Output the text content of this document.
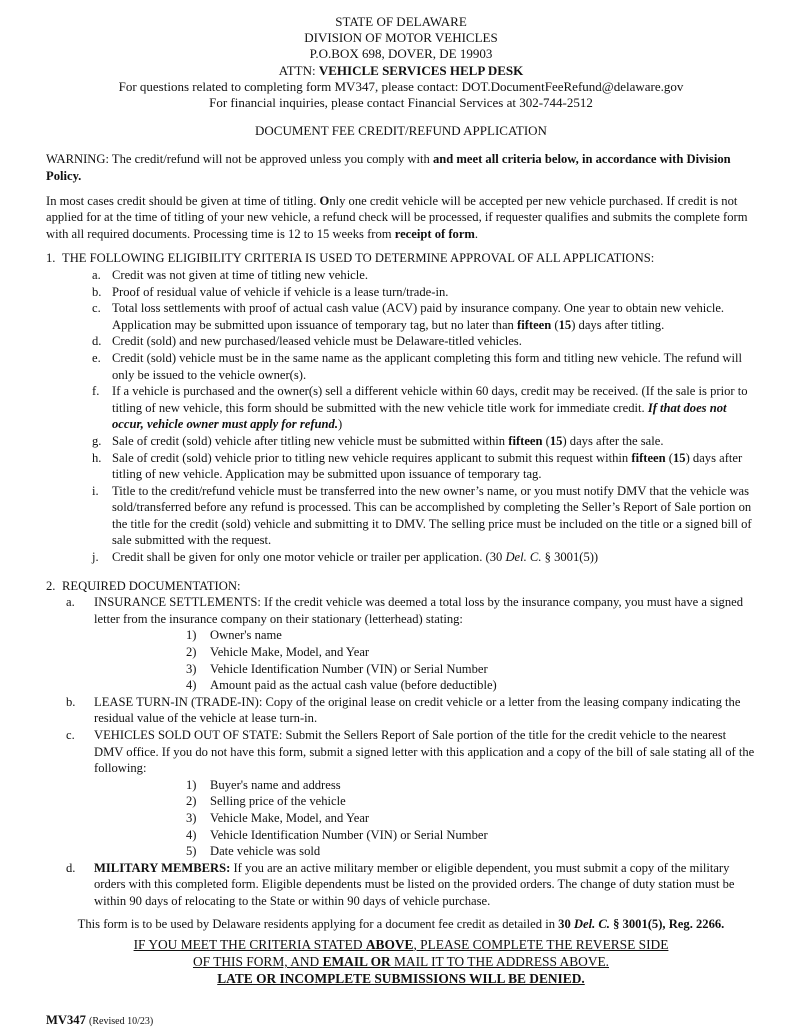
STATE OF DELAWARE
DIVISION OF MOTOR VEHICLES
P.O.BOX 698, DOVER, DE 19903
ATTN: VEHICLE SERVICES HELP DESK
For questions related to completing form MV347, please contact: DOT.DocumentFeeRefund@delaware.gov
For financial inquiries, please contact Financial Services at 302-744-2512
DOCUMENT FEE CREDIT/REFUND APPLICATION
WARNING: The credit/refund will not be approved unless you comply with and meet all criteria below, in accordance with Division Policy.
In most cases credit should be given at time of titling. Only one credit vehicle will be accepted per new vehicle purchased. If credit is not applied for at the time of titling of your new vehicle, a refund check will be processed, if requester qualifies and submits the complete form with all required documents. Processing time is 12 to 15 weeks from receipt of form.
1. THE FOLLOWING ELIGIBILITY CRITERIA IS USED TO DETERMINE APPROVAL OF ALL APPLICATIONS:
a. Credit was not given at time of titling new vehicle.
b. Proof of residual value of vehicle if vehicle is a lease turn/trade-in.
c. Total loss settlements with proof of actual cash value (ACV) paid by insurance company. One year to obtain new vehicle. Application may be submitted upon issuance of temporary tag, but no later than fifteen (15) days after titling.
d. Credit (sold) and new purchased/leased vehicle must be Delaware-titled vehicles.
e. Credit (sold) vehicle must be in the same name as the applicant completing this form and titling new vehicle. The refund will only be issued to the vehicle owner(s).
f.	If a vehicle is purchased and the owner(s) sell a different vehicle within 60 days, credit may be received. (If the sale is prior to titling of new vehicle, this form should be submitted with the new vehicle title work for immediate credit. If that does not occur, vehicle owner must apply for refund.)
g. Sale of credit (sold) vehicle after titling new vehicle must be submitted within fifteen (15) days after the sale.
h. Sale of credit (sold) vehicle prior to titling new vehicle requires applicant to submit this request within fifteen (15) days after titling of new vehicle. Application may be submitted upon issuance of temporary tag.
i.	Title to the credit/refund vehicle must be transferred into the new owner’s name, or you must notify DMV that the vehicle was sold/transferred before any refund is processed. This can be accomplished by completing the Seller’s Report of Sale portion on the title for the credit (sold) vehicle and submitting it to DMV. The selling price must be included on the title or a signed bill of sale submitted with the request.
j.	Credit shall be given for only one motor vehicle or trailer per application. (30 Del. C. § 3001(5))
2. REQUIRED DOCUMENTATION:
a.	INSURANCE SETTLEMENTS: If the credit vehicle was deemed a total loss by the insurance company, you must have a signed letter from the insurance company on their stationary (letterhead) stating:
1)	Owner's name
2)	Vehicle Make, Model, and Year
3)	Vehicle Identification Number (VIN) or Serial Number
4)	Amount paid as the actual cash value (before deductible)
b.	LEASE TURN-IN (TRADE-IN): Copy of the original lease on credit vehicle or a letter from the leasing company indicating the residual value of the vehicle at lease turn-in.
c.	VEHICLES SOLD OUT OF STATE: Submit the Sellers Report of Sale portion of the title for the credit vehicle to the nearest DMV office. If you do not have this form, submit a signed letter with this application and a copy of the bill of sale stating all of the following:
1)	Buyer's name and address
2)	Selling price of the vehicle
3)	Vehicle Make, Model, and Year
4)	Vehicle Identification Number (VIN) or Serial Number
5)	Date vehicle was sold
d.	MILITARY MEMBERS: If you are an active military member or eligible dependent, you must submit a copy of the military orders with this completed form. Eligible dependents must be listed on the provided orders. The change of duty station must be within 90 days of relocating to the State or within 90 days of vehicle purchase.
This form is to be used by Delaware residents applying for a document fee credit as detailed in 30 Del. C. § 3001(5), Reg. 2266.
IF YOU MEET THE CRITERIA STATED ABOVE, PLEASE COMPLETE THE REVERSE SIDE
OF THIS FORM, AND EMAIL OR MAIL IT TO THE ADDRESS ABOVE.
LATE OR INCOMPLETE SUBMISSIONS WILL BE DENIED.
MV347 (Revised 10/23)
